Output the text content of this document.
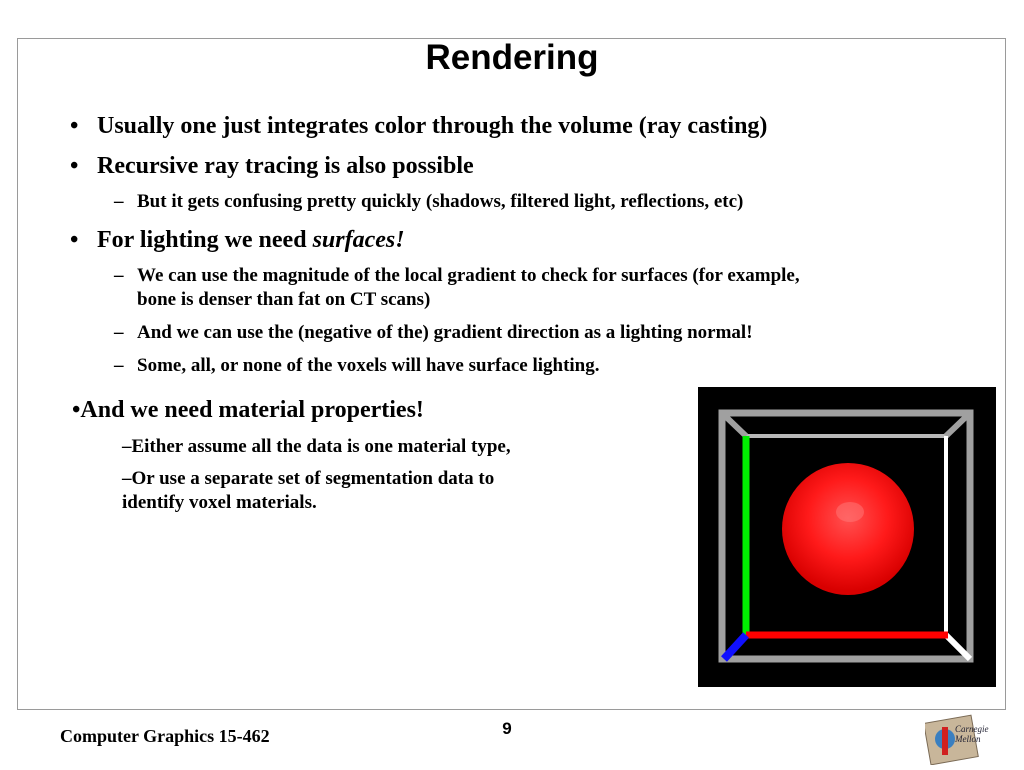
Rendering
• Usually one just integrates color through the volume (ray casting)
• Recursive ray tracing is also possible
– But it gets confusing pretty quickly (shadows, filtered light, reflections, etc)
• For lighting we need surfaces!
– We can use the magnitude of the local gradient to check for surfaces (for example,
bone is denser than fat on CT scans)
– And we can use the (negative of the) gradient direction as a lighting normal!
– Some, all, or none of the voxels will have surface lighting.
•And we need material properties!
–Either assume all the data is one material type,
–Or use a separate set of segmentation data to
identify voxel materials.
Computer Graphics 15-462	9	Carnegie
Mellon
